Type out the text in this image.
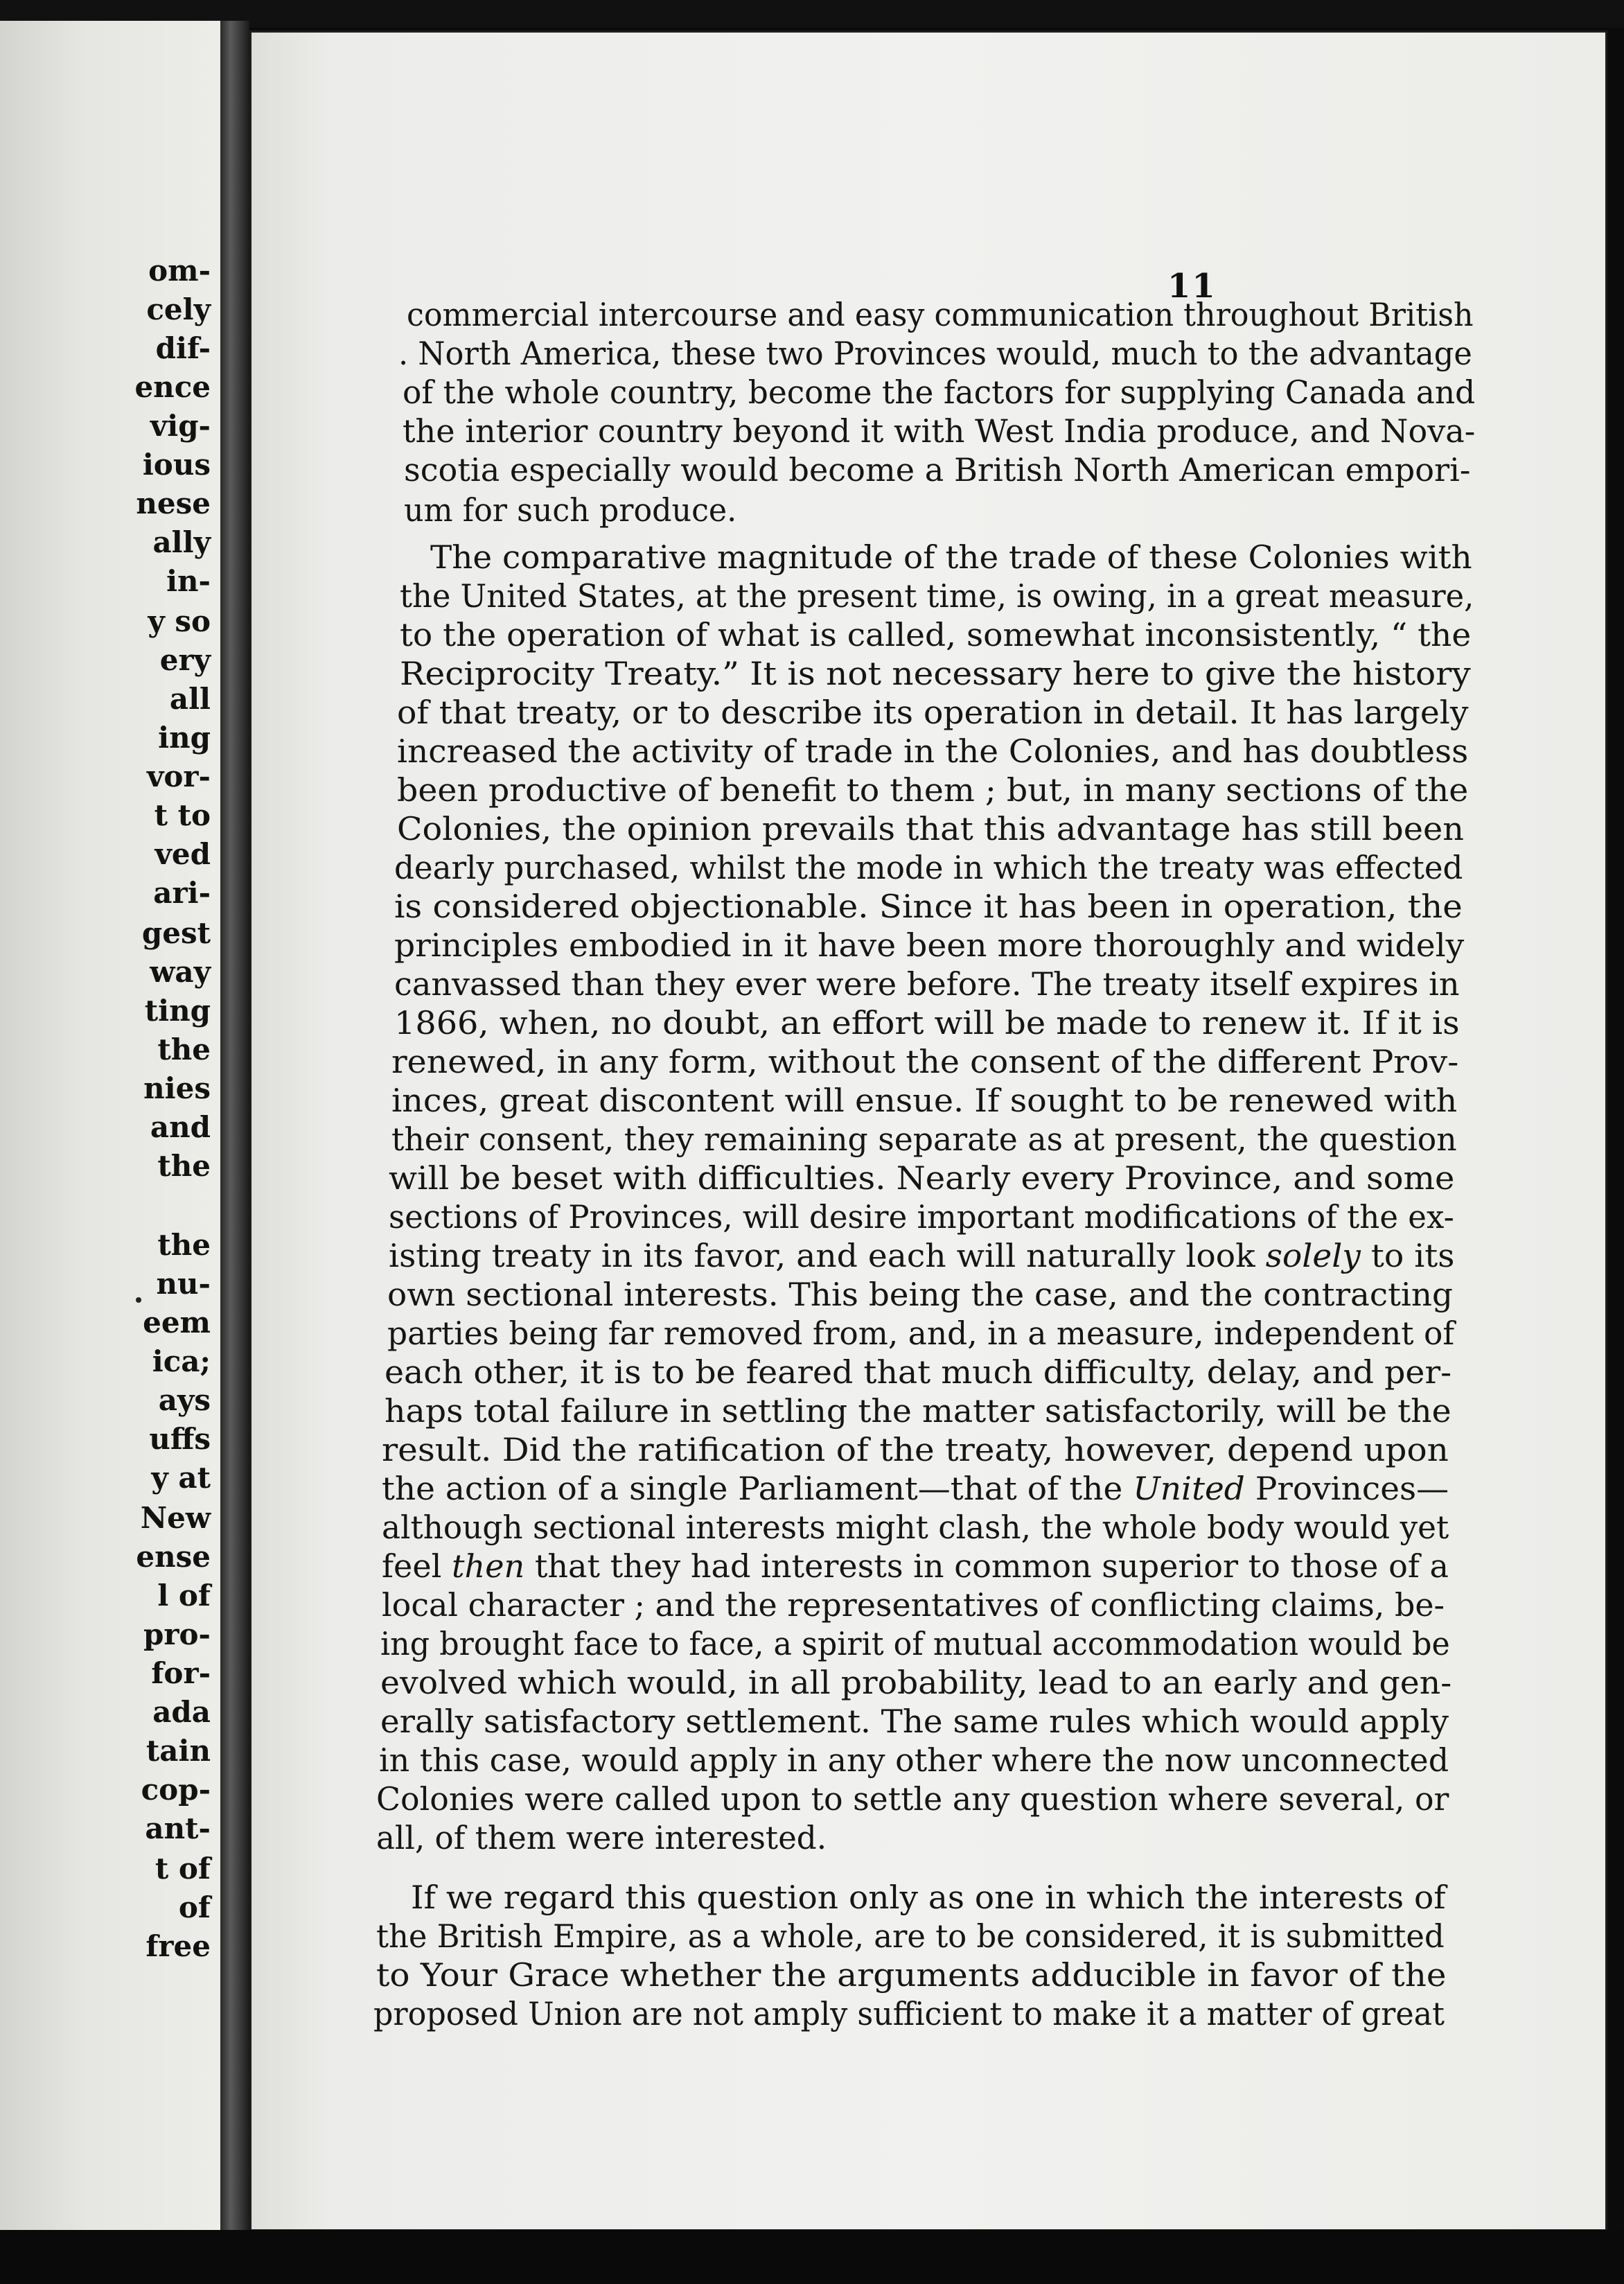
om-
cely
dif-
ence
vig-
ious
nese
ally
in-
y so
ery
all
ing
vor-
t to
ved
ari-
gest
way
ting
the
nies
and
the
the
nu-
eem
ica;
ays
uffs
y at
New
ense
l of
pro-
for-
ada
tain
cop-
ant-
t of
of
free
11
commercial intercourse and easy communication throughout British
. North America, these two Provinces would, much to the advantage
of the whole country, become the factors for supplying Canada and
the interior country beyond it with West India produce, and Nova-
scotia especially would become a British North American empori-
um for such produce.
The comparative magnitude of the trade of these Colonies with
the United States, at the present time, is owing, in a great measure,
to the operation of what is called, somewhat inconsistently, “ the
Reciprocity Treaty.” It is not necessary here to give the history
of that treaty, or to describe its operation in detail. It has largely
increased the activity of trade in the Colonies, and has doubtless
been productive of benefit to them ; but, in many sections of the
Colonies, the opinion prevails that this advantage has still been
dearly purchased, whilst the mode in which the treaty was effected
is considered objectionable. Since it has been in operation, the
principles embodied in it have been more thoroughly and widely
canvassed than they ever were before. The treaty itself expires in
1866, when, no doubt, an effort will be made to renew it. If it is
renewed, in any form, without the consent of the different Prov-
inces, great discontent will ensue. If sought to be renewed with
their consent, they remaining separate as at present, the question
will be beset with difficulties. Nearly every Province, and some
sections of Provinces, will desire important modifications of the ex-
isting treaty in its favor, and each will naturally look solely to its
own sectional interests. This being the case, and the contracting
parties being far removed from, and, in a measure, independent of
each other, it is to be feared that much difficulty, delay, and per-
haps total failure in settling the matter satisfactorily, will be the
result. Did the ratification of the treaty, however, depend upon
the action of a single Parliament—that of the United Provinces—
although sectional interests might clash, the whole body would yet
feel then that they had interests in common superior to those of a
local character ; and the representatives of conflicting claims, be-
ing brought face to face, a spirit of mutual accommodation would be
evolved which would, in all probability, lead to an early and gen-
erally satisfactory settlement. The same rules which would apply
in this case, would apply in any other where the now unconnected
Colonies were called upon to settle any question where several, or
all, of them were interested.
If we regard this question only as one in which the interests of
the British Empire, as a whole, are to be considered, it is submitted
to Your Grace whether the arguments adducible in favor of the
proposed Union are not amply sufficient to make it a matter of great
